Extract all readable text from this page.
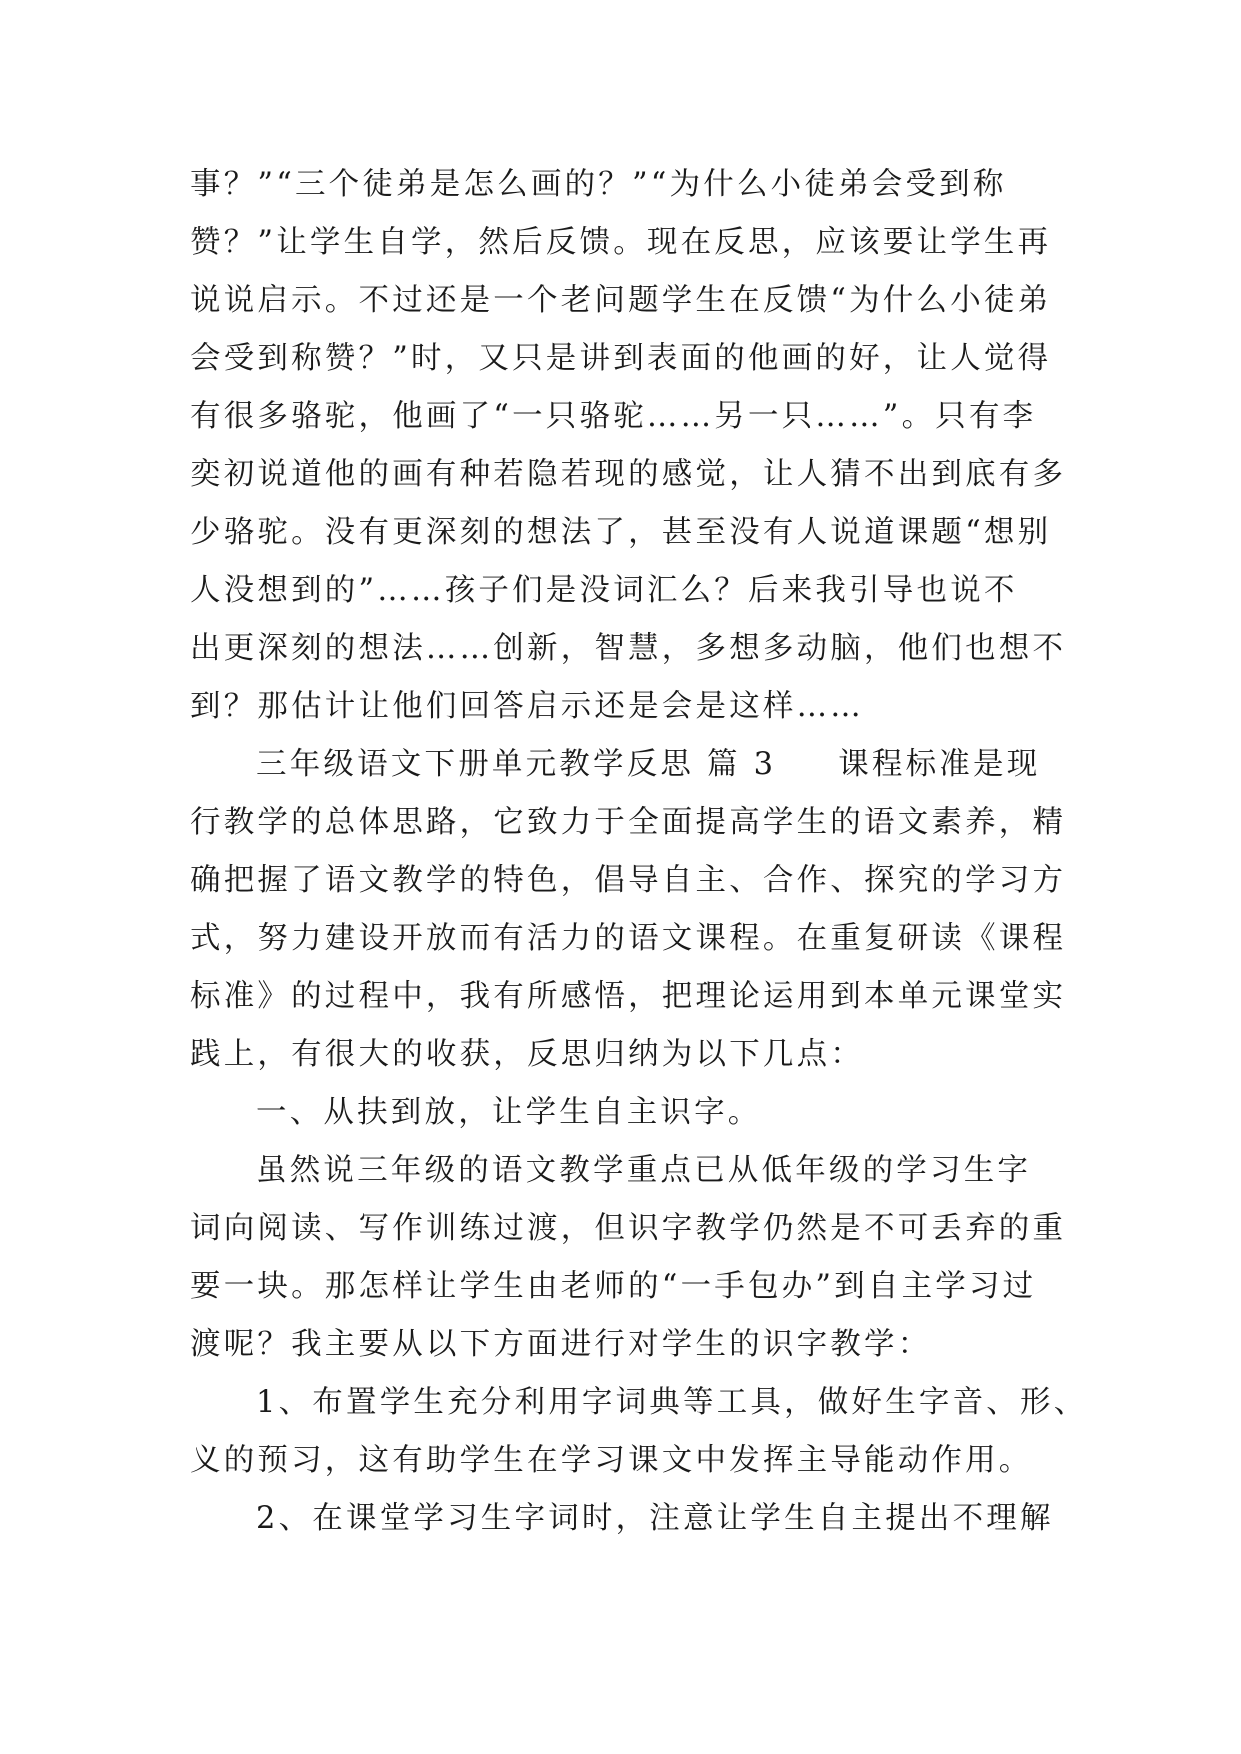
事？”“三个徒弟是怎么画的？”“为什么小徒弟会受到称
赞？”让学生自学，然后反馈。现在反思，应该要让学生再
说说启示。不过还是一个老问题学生在反馈“为什么小徒弟
会受到称赞？”时，又只是讲到表面的他画的好，让人觉得
有很多骆驼，他画了“一只骆驼……另一只……”。只有李
奕初说道他的画有种若隐若现的感觉，让人猜不出到底有多
少骆驼。没有更深刻的想法了，甚至没有人说道课题“想别
人没想到的”……孩子们是没词汇么？后来我引导也说不
出更深刻的想法……创新，智慧，多想多动脑，他们也想不
到？那估计让他们回答启示还是会是这样……
三年级语文下册单元教学反思 篇 3 课程标准是现
行教学的总体思路，它致力于全面提高学生的语文素养，精
确把握了语文教学的特色，倡导自主、合作、探究的学习方
式，努力建设开放而有活力的语文课程。在重复研读《课程
标准》的过程中，我有所感悟，把理论运用到本单元课堂实
践上，有很大的收获，反思归纳为以下几点：
一、从扶到放，让学生自主识字。
虽然说三年级的语文教学重点已从低年级的学习生字
词向阅读、写作训练过渡，但识字教学仍然是不可丢弃的重
要一块。那怎样让学生由老师的“一手包办”到自主学习过
渡呢？我主要从以下方面进行对学生的识字教学：
1、布置学生充分利用字词典等工具，做好生字音、形、
义的预习，这有助学生在学习课文中发挥主导能动作用。
2、在课堂学习生字词时，注意让学生自主提出不理解
